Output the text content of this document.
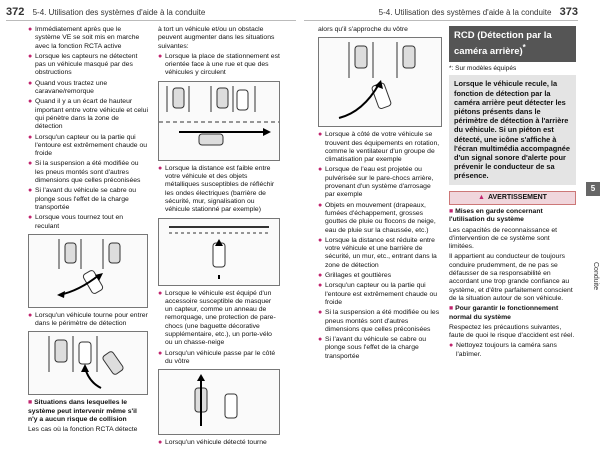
372 5-4. Utilisation des systèmes d'aide à la conduite	5-4. Utilisation des systèmes d'aide à la conduite 373
● Immédiatement après que le système VE se soit mis en marche avec la fonction RCTA active
● Lorsque les capteurs ne détectent pas un véhicule masqué par des obstructions
● Quand vous tractez une caravane/remorque
● Quand il y a un écart de hauteur important entre votre véhicule et celui qui pénètre dans la zone de détection
● Lorsqu'un capteur ou la partie qui l'entoure est extrêmement chaude ou froide
● Si la suspension a été modifiée ou les pneus montés sont d'autres dimensions que celles préconisées
● Si l'avant du véhicule se cabre ou plonge sous l'effet de la charge transportée
● Lorsque vous tournez tout en reculant
● Lorsqu'un véhicule tourne pour entrer dans le périmètre de détection
■ Situations dans lesquelles le système peut intervenir même s'il n'y a aucun risque de collision
Les cas où la fonction RCTA détecte
à tort un véhicule et/ou un obstacle peuvent augmenter dans les situations suivantes:
● Lorsque la place de stationnement est orientée face à une rue et que des véhicules y circulent
● Lorsque la distance est faible entre votre véhicule et des objets métalliques susceptibles de réfléchir les ondes électriques (barrière de sécurité, mur, signalisation ou véhicule stationné par exemple)
● Lorsque le véhicule est équipé d'un accessoire susceptible de masquer un capteur, comme un anneau de remorquage, une protection de pare-chocs (une baguette décorative supplémentaire, etc.), un porte-vélo ou un chasse-neige
● Lorsqu'un véhicule passe par le côté du vôtre
● Lorsqu'un véhicule détecté tourne
alors qu'il s'approche du vôtre
● Lorsque à côté de votre véhicule se trouvent des équipements en rotation, comme le ventilateur d'un groupe de climatisation par exemple
● Lorsque de l'eau est projetée ou pulvérisée sur le pare-chocs arrière, provenant d'un système d'arrosage par exemple
● Objets en mouvement (drapeaux, fumées d'échappement, grosses gouttes de pluie ou flocons de neige, eau de pluie sur la chaussée, etc.)
● Lorsque la distance est réduite entre votre véhicule et une barrière de sécurité, un mur, etc., entrant dans la zone de détection
● Grillages et gouttières
● Lorsqu'un capteur ou la partie qui l'entoure est extrêmement chaude ou froide
● Si la suspension a été modifiée ou les pneus montés sont d'autres dimensions que celles préconisées
● Si l'avant du véhicule se cabre ou plonge sous l'effet de la charge transportée
RCD (Détection par la caméra arrière)*
*: Sur modèles équipés
Lorsque le véhicule recule, la fonction de détection par la caméra arrière peut détecter les piétons présents dans le périmètre de détection à l'arrière du véhicule. Si un piéton est détecté, une icône s'affiche à l'écran multimédia accompagnée d'un signal sonore d'alerte pour prévenir le conducteur de sa présence.
▲ AVERTISSEMENT
■ Mises en garde concernant l'utilisation du système
Les capacités de reconnaissance et d'intervention de ce système sont limitées.
Il appartient au conducteur de toujours conduire prudemment, de ne pas se défausser de sa responsabilité en accordant une trop grande confiance au système, et d'être parfaitement conscient de la situation autour de son véhicule.
■ Pour garantir le fonctionnement normal du système
Respectez les précautions suivantes, faute de quoi le risque d'accident est réel.
● Nettoyez toujours la caméra sans l'abîmer.
5
Conduite
